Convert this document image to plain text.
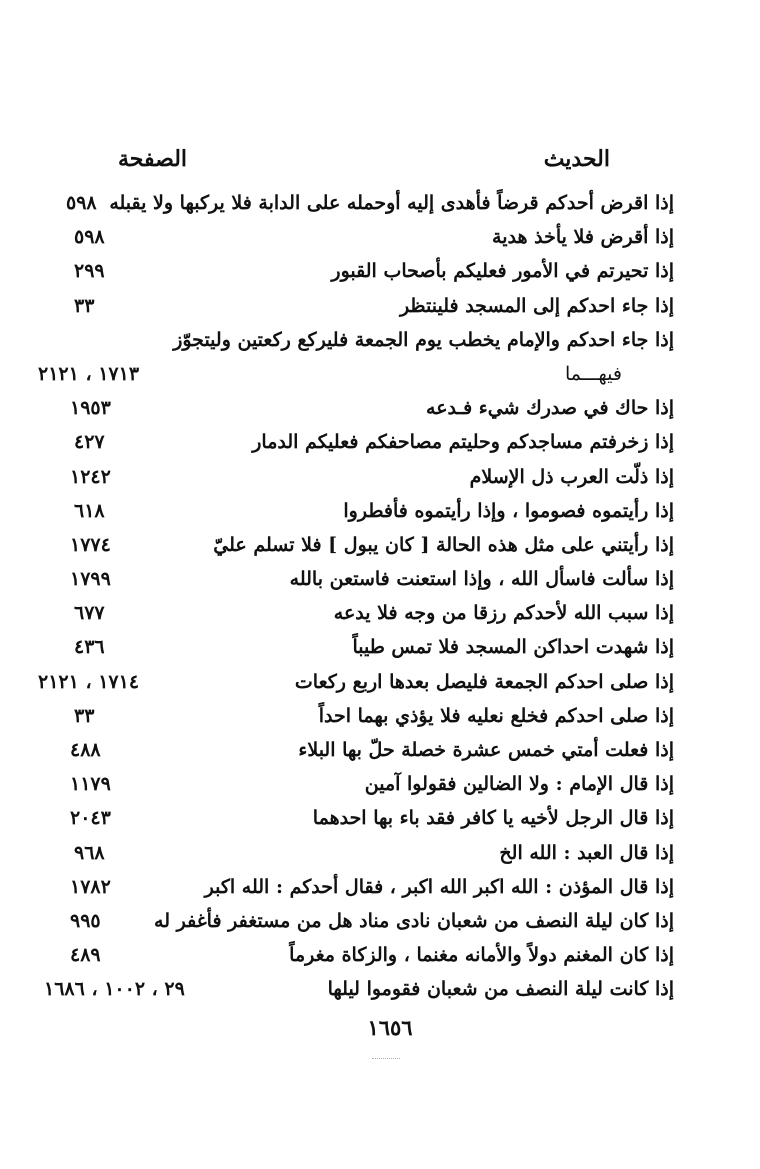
الحديث
الصفحة
إذا اقرض أحدكم قرضاً فأهدى إليه أوحمله على الدابة فلا يركبها ولا يقبله
٥٩٨
إذا أقرض فلا يأخذ هدية
٥٩٨
إذا تحيرتم في الأمور فعليكم بأصحاب القبور
٢٩٩
إذا جاء احدكم إلى المسجد فلينتظر
٣٣
إذا جاء احدكم والإمام يخطب يوم الجمعة فليركع ركعتين وليتجوّز
فيهـــما
١٧١٣ ، ٢١٢١
إذا حاك في صدرك شيء فـدعه
١٩٥٣
إذا زخرفتم مساجدكم وحليتم مصاحفكم فعليكم الدمار
٤٢٧
إذا ذلّت العرب ذل الإسلام
١٢٤٢
إذا رأيتموه فصوموا ، وإذا رأيتموه فأفطروا
٦١٨
إذا رأيتني على مثل هذه الحالة [ كان يبول ] فلا تسلم عليّ
١٧٧٤
إذا سألت فاسأل الله ، وإذا استعنت فاستعن بالله
١٧٩٩
إذا سبب الله لأحدكم رزقا من وجه فلا يدعه
٦٧٧
إذا شهدت احداكن المسجد فلا تمس طيباً
٤٣٦
إذا صلى احدكم الجمعة فليصل بعدها اربع ركعات
١٧١٤ ، ٢١٢١
إذا صلى احدكم فخلع نعليه فلا يؤذي بهما احداً
٣٣
إذا فعلت أمتي خمس عشرة خصلة حلّ بها البلاء
٤٨٨
إذا قال الإمام : ولا الضالين فقولوا آمين
١١٧٩
إذا قال الرجل لأخيه يا كافر فقد باء بها احدهما
٢٠٤٣
إذا قال العبد : الله الخ
٩٦٨
إذا قال المؤذن : الله اكبر الله اكبر ، فقال أحدكم : الله اكبر
١٧٨٢
إذا كان ليلة النصف من شعبان نادى مناد هل من مستغفر فأغفر له
٩٩٥
إذا كان المغنم دولاً والأمانه مغنما ، والزكاة مغرماً
٤٨٩
إذا كانت ليلة النصف من شعبان فقوموا ليلها
٢٩ ، ١٠٠٢ ، ١٦٨٦
١٦٥٦
